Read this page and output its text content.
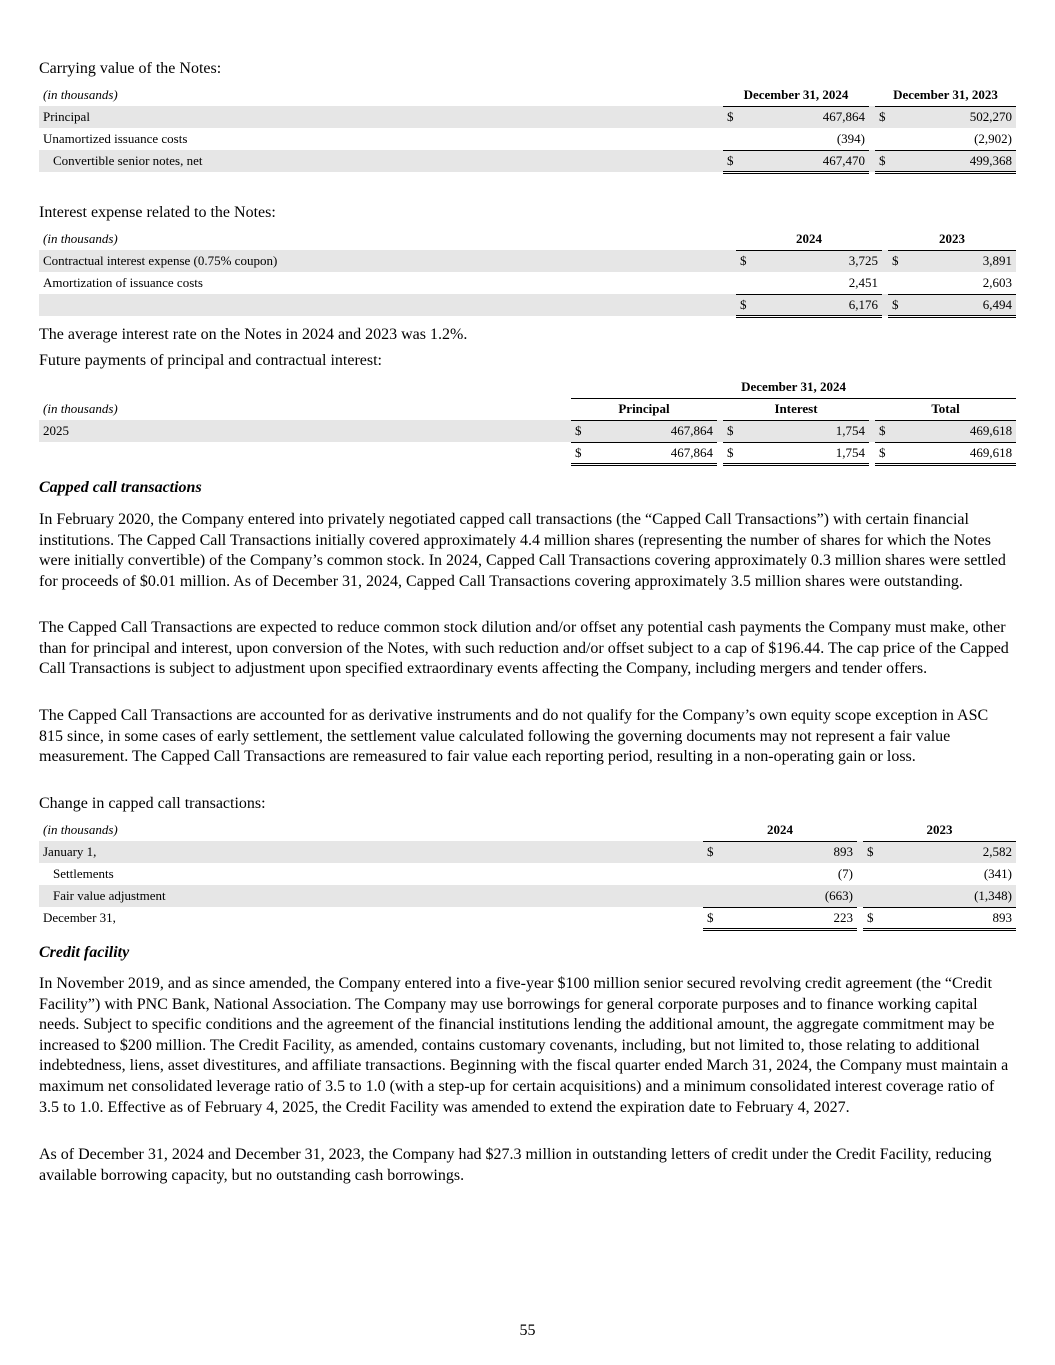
Carrying value of the Notes:
(in thousands)	December 31, 2024			December 31, 2023	
Principal	$	467,864		$	502,270
Unamortized issuance costs		(394)			(2,902)
Convertible senior notes, net	$	467,470		$	499,368
Interest expense related to the Notes:
(in thousands)	2024			2023	
Contractual interest expense (0.75% coupon)	$	3,725		$	3,891
Amortization of issuance costs		2,451			2,603
	$	6,176		$	6,494
The average interest rate on the Notes in 2024 and 2023 was 1.2%.
Future payments of principal and contractual interest:
	December 31, 2024							
(in thousands)	Principal			Interest			Total	
2025	$	467,864		$	1,754		$	469,618
	$	467,864		$	1,754		$	469,618
Capped call transactions
In February 2020, the Company entered into privately negotiated capped call transactions (the “Capped Call Transactions”) with certain financial institutions. The Capped Call Transactions initially covered approximately 4.4 million shares (representing the number of shares for which the Notes were initially convertible) of the Company’s common stock. In 2024, Capped Call Transactions covering approximately 0.3 million shares were settled for proceeds of $0.01 million. As of December 31, 2024, Capped Call Transactions covering approximately 3.5 million shares were outstanding.
The Capped Call Transactions are expected to reduce common stock dilution and/or offset any potential cash payments the Company must make, other than for principal and interest, upon conversion of the Notes, with such reduction and/or offset subject to a cap of $196.44. The cap price of the Capped Call Transactions is subject to adjustment upon specified extraordinary events affecting the Company, including mergers and tender offers.
The Capped Call Transactions are accounted for as derivative instruments and do not qualify for the Company’s own equity scope exception in ASC 815 since, in some cases of early settlement, the settlement value calculated following the governing documents may not represent a fair value measurement. The Capped Call Transactions are remeasured to fair value each reporting period, resulting in a non-operating gain or loss.
Change in capped call transactions:
(in thousands)	2024			2023	
January 1,	$	893		$	2,582
Settlements		(7)			(341)
Fair value adjustment		(663)			(1,348)
December 31,	$	223		$	893
Credit facility
In November 2019, and as since amended, the Company entered into a five-year $100 million senior secured revolving credit agreement (the “Credit Facility”) with PNC Bank, National Association. The Company may use borrowings for general corporate purposes and to finance working capital needs. Subject to specific conditions and the agreement of the financial institutions lending the additional amount, the aggregate commitment may be increased to $200 million. The Credit Facility, as amended, contains customary covenants, including, but not limited to, those relating to additional indebtedness, liens, asset divestitures, and affiliate transactions. Beginning with the fiscal quarter ended March 31, 2024, the Company must maintain a maximum net consolidated leverage ratio of 3.5 to 1.0 (with a step-up for certain acquisitions) and a minimum consolidated interest coverage ratio of 3.5 to 1.0. Effective as of February 4, 2025, the Credit Facility was amended to extend the expiration date to February 4, 2027.
As of December 31, 2024 and December 31, 2023, the Company had $27.3 million in outstanding letters of credit under the Credit Facility, reducing available borrowing capacity, but no outstanding cash borrowings.
55
